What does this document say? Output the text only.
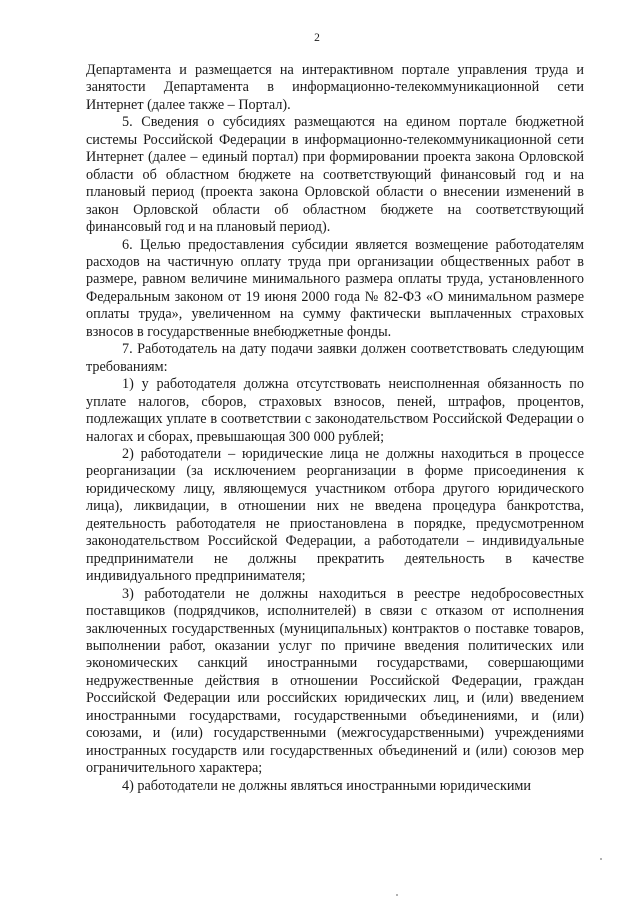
2

Департамента и размещается на интерактивном портале управления труда и занятости Департамента в информационно-телекоммуникационной сети Интернет (далее также – Портал).

5. Сведения о субсидиях размещаются на едином портале бюджетной системы Российской Федерации в информационно-телекоммуникационной сети Интернет (далее – единый портал) при формировании проекта закона Орловской области об областном бюджете на соответствующий финансовый год и на плановый период (проекта закона Орловской области о внесении изменений в закон Орловской области об областном бюджете на соответствующий финансовый год и на плановый период).

6. Целью предоставления субсидии является возмещение работодателям расходов на частичную оплату труда при организации общественных работ в размере, равном величине минимального размера оплаты труда, установленного Федеральным законом от 19 июня 2000 года № 82-ФЗ «О минимальном размере оплаты труда», увеличенном на сумму фактически выплаченных страховых взносов в государственные внебюджетные фонды.

7. Работодатель на дату подачи заявки должен соответствовать следующим требованиям:

1) у работодателя должна отсутствовать неисполненная обязанность по уплате налогов, сборов, страховых взносов, пеней, штрафов, процентов, подлежащих уплате в соответствии с законодательством Российской Федерации о налогах и сборах, превышающая 300 000 рублей;

2) работодатели – юридические лица не должны находиться в процессе реорганизации (за исключением реорганизации в форме присоединения к юридическому лицу, являющемуся участником отбора другого юридического лица), ликвидации, в отношении них не введена процедура банкротства, деятельность работодателя не приостановлена в порядке, предусмотренном законодательством Российской Федерации, а работодатели – индивидуальные предприниматели не должны прекратить деятельность в качестве индивидуального предпринимателя;

3) работодатели не должны находиться в реестре недобросовестных поставщиков (подрядчиков, исполнителей) в связи с отказом от исполнения заключенных государственных (муниципальных) контрактов о поставке товаров, выполнении работ, оказании услуг по причине введения политических или экономических санкций иностранными государствами, совершающими недружественные действия в отношении Российской Федерации, граждан Российской Федерации или российских юридических лиц, и (или) введением иностранными государствами, государственными объединениями, и (или) союзами, и (или) государственными (межгосударственными) учреждениями иностранных государств или государственных объединений и (или) союзов мер ограничительного характера;

4) работодатели не должны являться иностранными юридическими
